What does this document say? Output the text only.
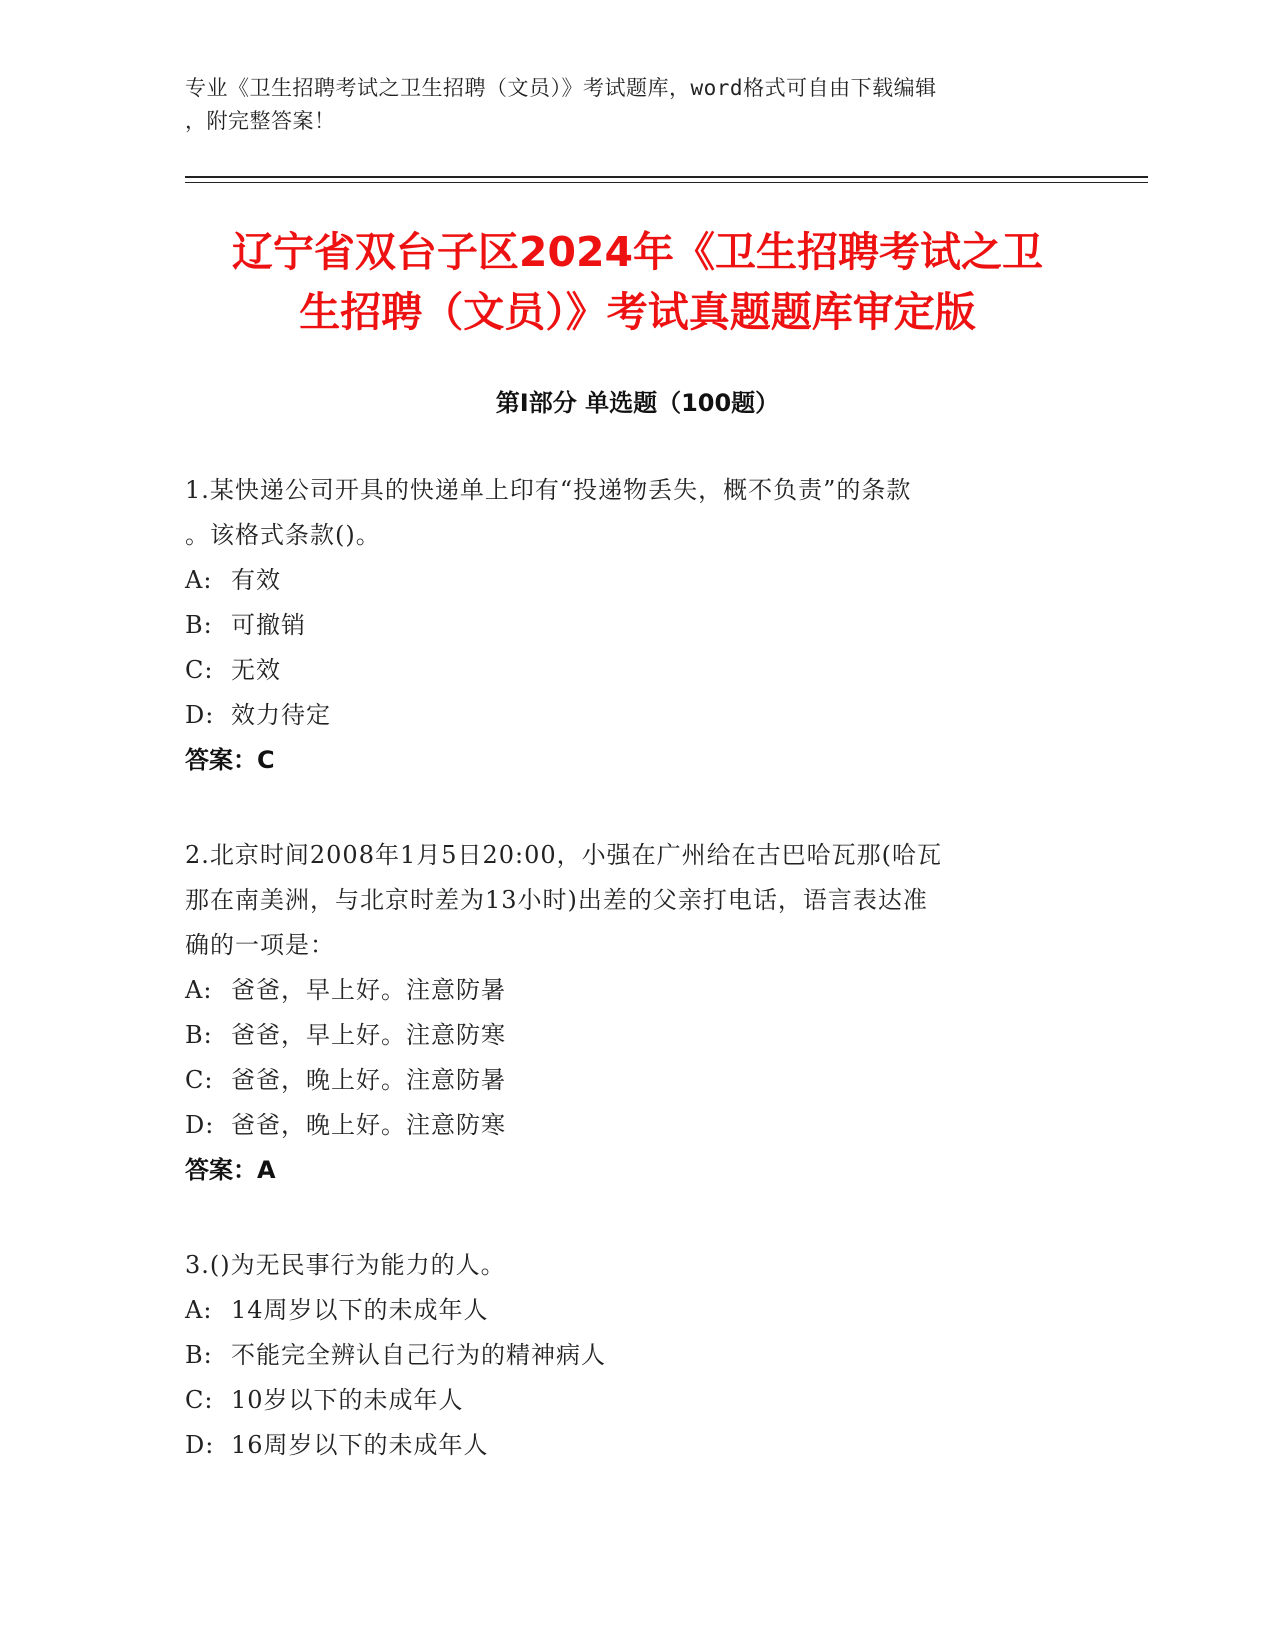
专业《卫生招聘考试之卫生招聘（文员）》考试题库，word格式可自由下载编辑
，附完整答案！
辽宁省双台子区2024年《卫生招聘考试之卫
生招聘（文员）》考试真题题库审定版
第Ⅰ部分 单选题（100题）
1.某快递公司开具的快递单上印有“投递物丢失，概不负责”的条款
。该格式条款()。
A: 有效
B: 可撤销
C: 无效
D: 效力待定
答案：C
2.北京时间2008年1月5日20:00，小强在广州给在古巴哈瓦那(哈瓦
那在南美洲，与北京时差为13小时)出差的父亲打电话，语言表达准
确的一项是：
A: 爸爸，早上好。注意防暑
B: 爸爸，早上好。注意防寒
C: 爸爸，晚上好。注意防暑
D: 爸爸，晚上好。注意防寒
答案：A
3.()为无民事行为能力的人。
A: 14周岁以下的未成年人
B: 不能完全辨认自己行为的精神病人
C: 10岁以下的未成年人
D: 16周岁以下的未成年人
